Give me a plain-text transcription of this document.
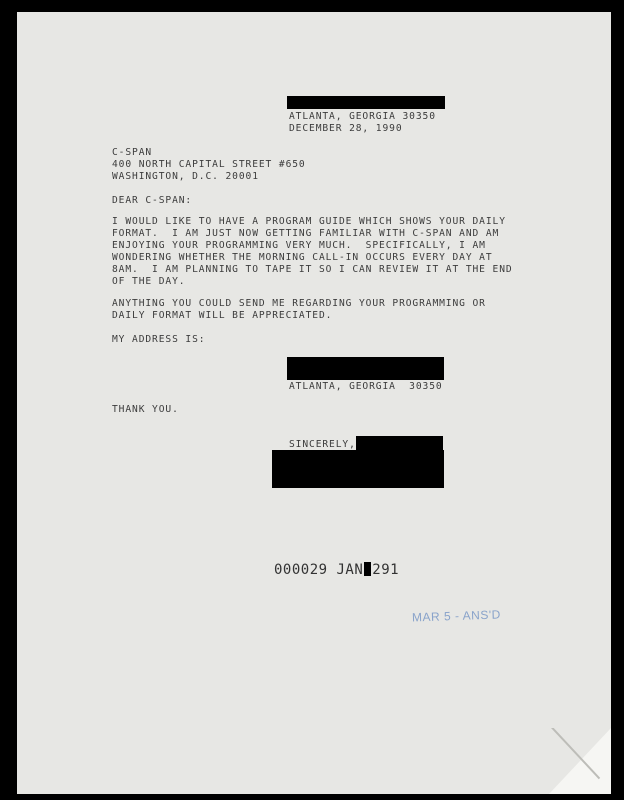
ATLANTA, GEORGIA 30350
DECEMBER 28, 1990
C-SPAN
400 NORTH CAPITAL STREET #650
WASHINGTON, D.C. 20001
DEAR C-SPAN:
I WOULD LIKE TO HAVE A PROGRAM GUIDE WHICH SHOWS YOUR DAILY
FORMAT.  I AM JUST NOW GETTING FAMILIAR WITH C-SPAN AND AM
ENJOYING YOUR PROGRAMMING VERY MUCH.  SPECIFICALLY, I AM
WONDERING WHETHER THE MORNING CALL-IN OCCURS EVERY DAY AT
8AM.  I AM PLANNING TO TAPE IT SO I CAN REVIEW IT AT THE END
OF THE DAY.
ANYTHING YOU COULD SEND ME REGARDING YOUR PROGRAMMING OR
DAILY FORMAT WILL BE APPRECIATED.
MY ADDRESS IS:
ATLANTA, GEORGIA  30350
THANK YOU.
SINCERELY,
000029 JAN 291
MAR 5 - ANS'D
